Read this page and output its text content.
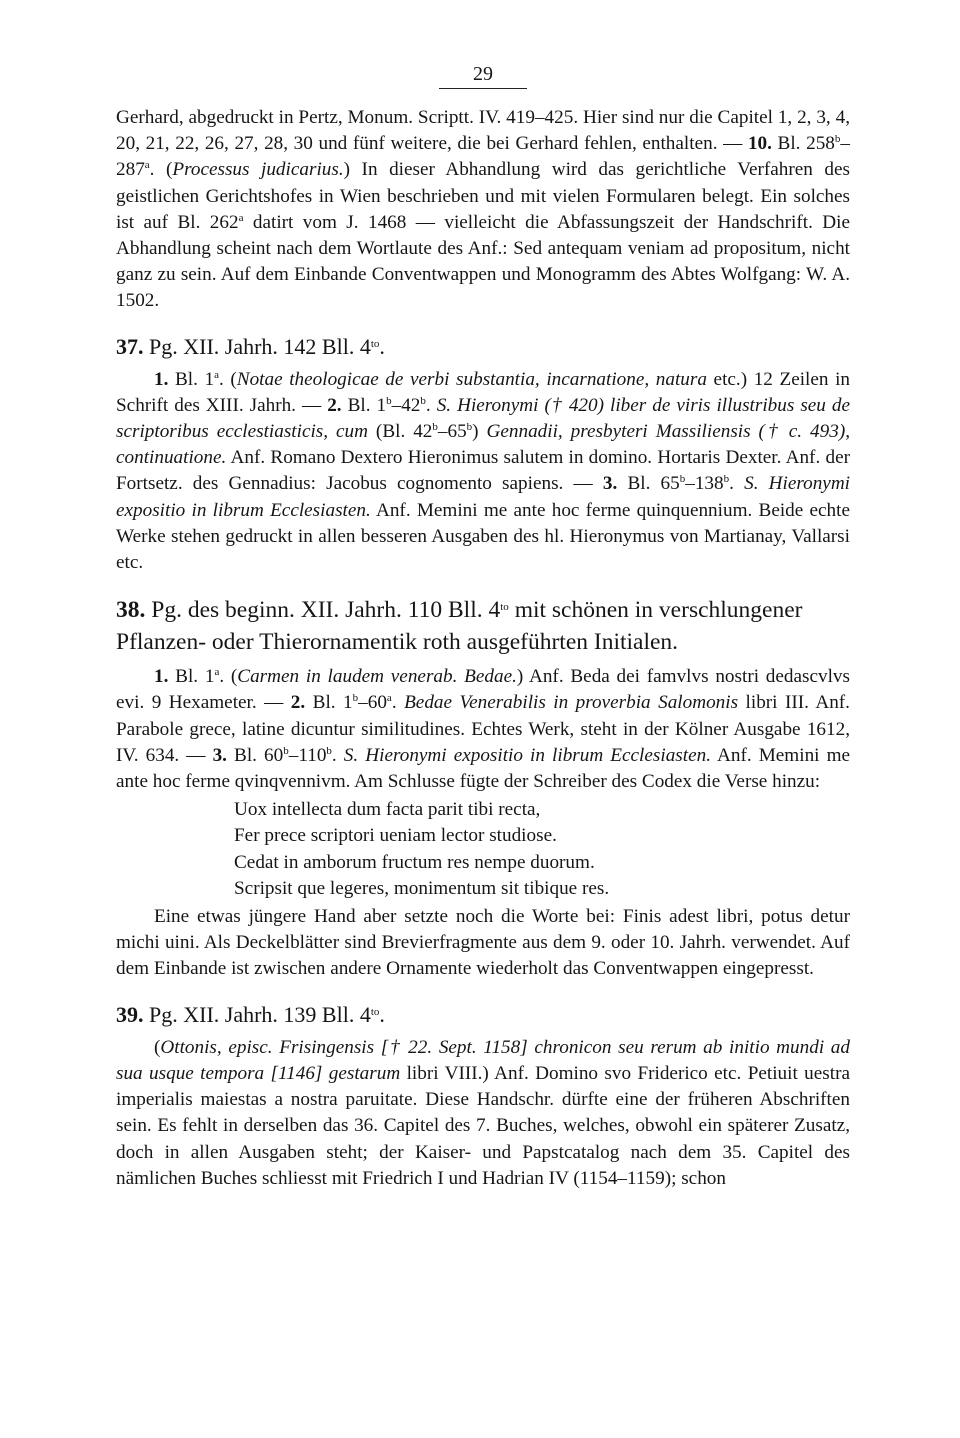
29

Gerhard, abgedruckt in Pertz, Monum. Scriptt. IV. 419–425. Hier sind nur die Capitel 1, 2, 3, 4, 20, 21, 22, 26, 27, 28, 30 und fünf weitere, die bei Gerhard fehlen, enthalten. — 10. Bl. 258$^b$–287$^a$. (Processus judicarius.) In dieser Abhandlung wird das gerichtliche Verfahren des geistlichen Gerichtshofes in Wien beschrieben und mit vielen Formularen belegt. Ein solches ist auf Bl. 262$^a$ datirt vom J. 1468 — vielleicht die Abfassungszeit der Handschrift. Die Abhandlung scheint nach dem Wortlaute des Anf.: Sed antequam veniam ad propositum, nicht ganz zu sein. Auf dem Einbande Conventwappen und Monogramm des Abtes Wolfgang: W. A. 1502.

37. Pg. XII. Jahrh. 142 Bll. $4^{to}$.

1. Bl. 1$^a$. (Notae theologicae de verbi substantia, incarnatione, natura etc.) 12 Zeilen in Schrift des XIII. Jahrh. — 2. Bl. 1$^b$–42$^b$. S. Hieronymi († 420) liber de viris illustribus seu de scriptoribus ecclestiasticis, cum (Bl. 42$^b$–65$^b$) Gennadii, presbyteri Massiliensis († c. 493), continuatione. Anf. Romano Dextero Hieronimus salutem in domino. Hortaris Dexter. Anf. der Fortsetz. des Gennadius: Jacobus cognomento sapiens. — 3. Bl. 65$^b$–138$^b$. S. Hieronymi expositio in librum Ecclesiasten. Anf. Memini me ante hoc ferme quinquennium. Beide echte Werke stehen gedruckt in allen besseren Ausgaben des hl. Hieronymus von Martianay, Vallarsi etc.

38. Pg. des beginn. XII. Jahrh. 110 Bll. $4^{to}$ mit schönen in verschlungener Pflanzen- oder Thierornamentik roth ausgeführten Initialen.

1. Bl. 1$^a$. (Carmen in laudem venerab. Bedae.) Anf. Beda dei famvlvs nostri dedascvlvs evi. 9 Hexameter. — 2. Bl. 1$^b$–60$^a$. Bedae Venerabilis in proverbia Salomonis libri III. Anf. Parabole grece, latine dicuntur similitudines. Echtes Werk, steht in der Kölner Ausgabe 1612, IV. 634. — 3. Bl. 60$^b$–110$^b$. S. Hieronymi expositio in librum Ecclesiasten. Anf. Memini me ante hoc ferme qvinqvennivm. Am Schlusse fügte der Schreiber des Codex die Verse hinzu:

Uox intellecta dum facta parit tibi recta,

Fer prece scriptori ueniam lector studiose.

Cedat in amborum fructum res nempe duorum.

Scripsit que legeres, monimentum sit tibique res.

Eine etwas jüngere Hand aber setzte noch die Worte bei: Finis adest libri, potus detur michi uini. Als Deckelblätter sind Brevierfragmente aus dem 9. oder 10. Jahrh. verwendet. Auf dem Einbande ist zwischen andere Ornamente wiederholt das Conventwappen eingepresst.

39. Pg. XII. Jahrh. 139 Bll. $4^{to}$.

(Ottonis, episc. Frisingensis [† 22. Sept. 1158] chronicon seu rerum ab initio mundi ad sua usque tempora [1146] gestarum libri VIII.) Anf. Domino svo Friderico etc. Petiuit uestra imperialis maiestas a nostra paruitate. Diese Handschr. dürfte eine der früheren Abschriften sein. Es fehlt in derselben das 36. Capitel des 7. Buches, welches, obwohl ein späterer Zusatz, doch in allen Ausgaben steht; der Kaiser- und Papstcatalog nach dem 35. Capitel des nämlichen Buches schliesst mit Friedrich I und Hadrian IV (1154–1159); schon
